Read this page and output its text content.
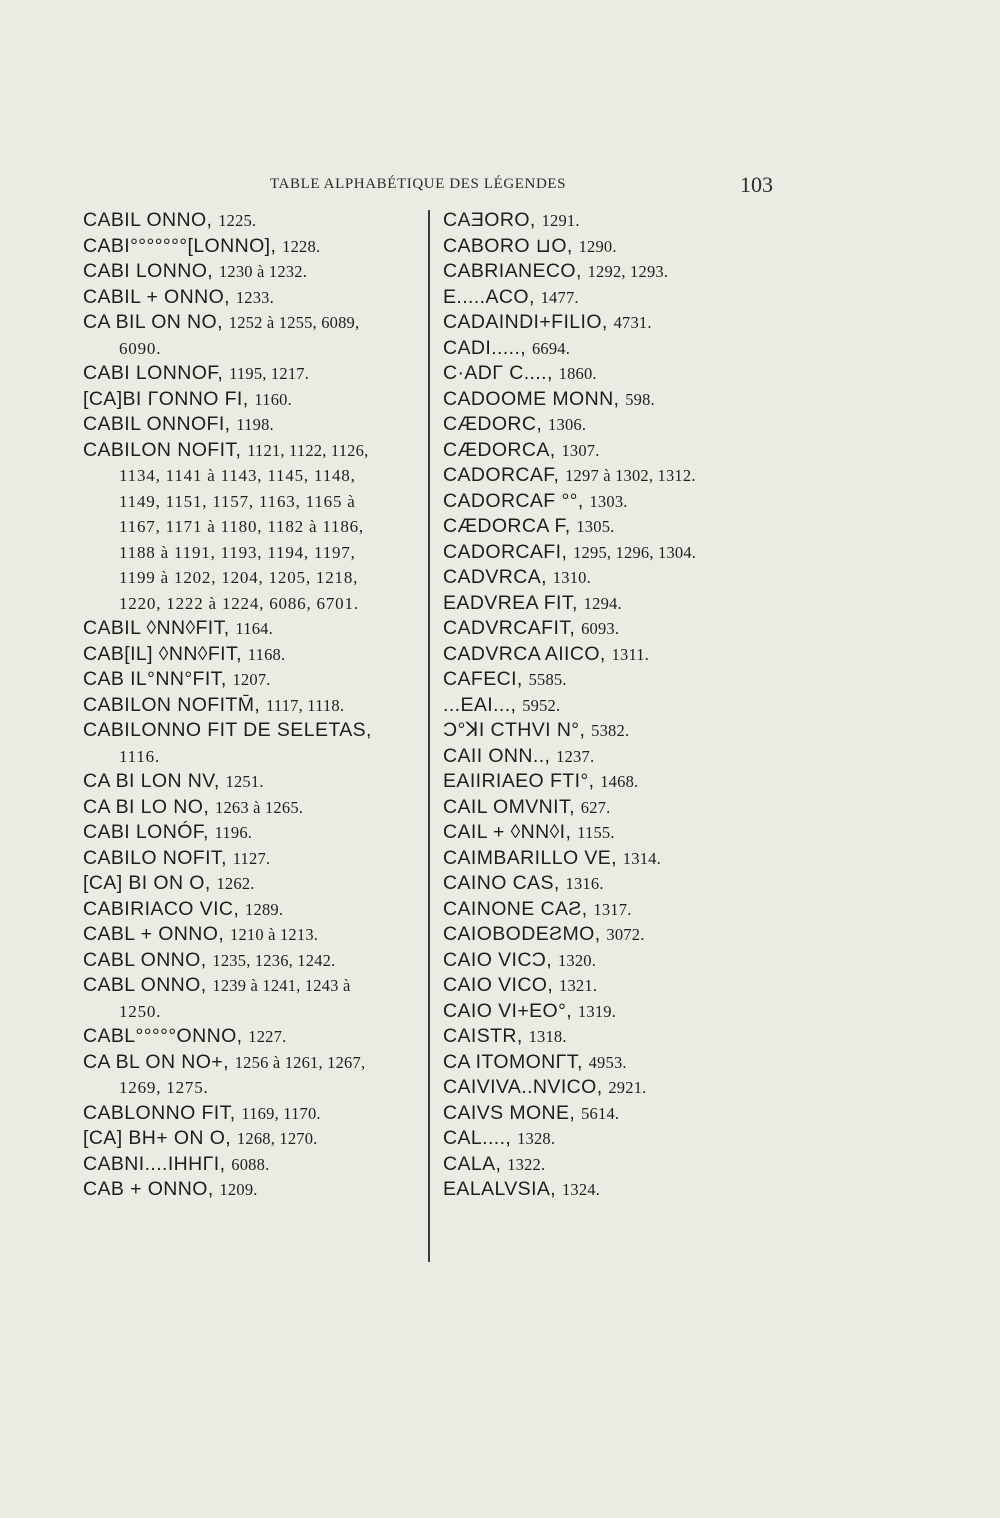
TABLE ALPHABÉTIQUE DES LÉGENDES	103
CABIL ONNO, 1225.
CABI°°°°°°°[LONNO], 1228.
CABI LONNO, 1230 à 1232.
CABIL + ONNO, 1233.
CA BIL ON NO, 1252 à 1255, 6089,
6090.
CABI LONNOF, 1195, 1217.
[CA]BI ΓONNO FI, 1160.
CABIL ONNOFI, 1198.
CABILON NOFIT, 1121, 1122, 1126,
1134, 1141 à 1143, 1145, 1148,
1149, 1151, 1157, 1163, 1165 à
1167, 1171 à 1180, 1182 à 1186,
1188 à 1191, 1193, 1194, 1197,
1199 à 1202, 1204, 1205, 1218,
1220, 1222 à 1224, 6086, 6701.
CABIL ◊NN◊FIT, 1164.
CAB[IL] ◊NN◊FIT, 1168.
CAB IL°NN°FIT, 1207.
CABILON NOFITM̄, 1117, 1118.
CABILONNO FIT DE SELETAS,
1116.
CA BI LON NV, 1251.
CA BI LO NO, 1263 à 1265.
CABI LONÓF, 1196.
CABILO NOFIT, 1127.
[CA] BI ON O, 1262.
CABIRIACO VIC, 1289.
CABL + ONNO, 1210 à 1213.
CABL ONNO, 1235, 1236, 1242.
CABL ONNO, 1239 à 1241, 1243 à
1250.
CABL°°°°°ONNO, 1227.
CA BL ON NO+, 1256 à 1261, 1267,
1269, 1275.
CABLONNO FIT, 1169, 1170.
[CA] BH+ ON O, 1268, 1270.
CABNI....IHHΓI, 6088.
CAB + ONNO, 1209.
CAƎORO, 1291.
CABORO ⊔O, 1290.
CABRIANECO, 1292, 1293.
E.....ACO, 1477.
CADAINDI+FILIO, 4731.
CADI....., 6694.
C·ADΓ C...., 1860.
CADOOME MONN, 598.
CÆDORC, 1306.
CÆDORCA, 1307.
CADORCAF, 1297 à 1302, 1312.
CADORCAF °°, 1303.
CÆDORCA F, 1305.
CADORCAFI, 1295, 1296, 1304.
CADVRCA, 1310.
EADVREA FIT, 1294.
CADVRCAFIT, 6093.
CADVRCA AIICO, 1311.
CAFECI, 5585.
...EAI..., 5952.
Ɔ°ꓘI CTHVI N°, 5382.
CAII ONN.., 1237.
EAIIRIAEO FTI°, 1468.
CAIL OMVNIT, 627.
CAIL + ◊NN◊I, 1155.
CAIMBARILLO VE, 1314.
CAINO CAS, 1316.
CAINONE CAƧ, 1317.
CAIOBODEƧMO, 3072.
CAIO VICƆ, 1320.
CAIO VICO, 1321.
CAIO VI+EO°, 1319.
CAISTR, 1318.
CA ITOMONΓT, 4953.
CAIVIVA..NVICO, 2921.
CAIVS MONE, 5614.
CAL...., 1328.
CALA, 1322.
EALALVSIA, 1324.
